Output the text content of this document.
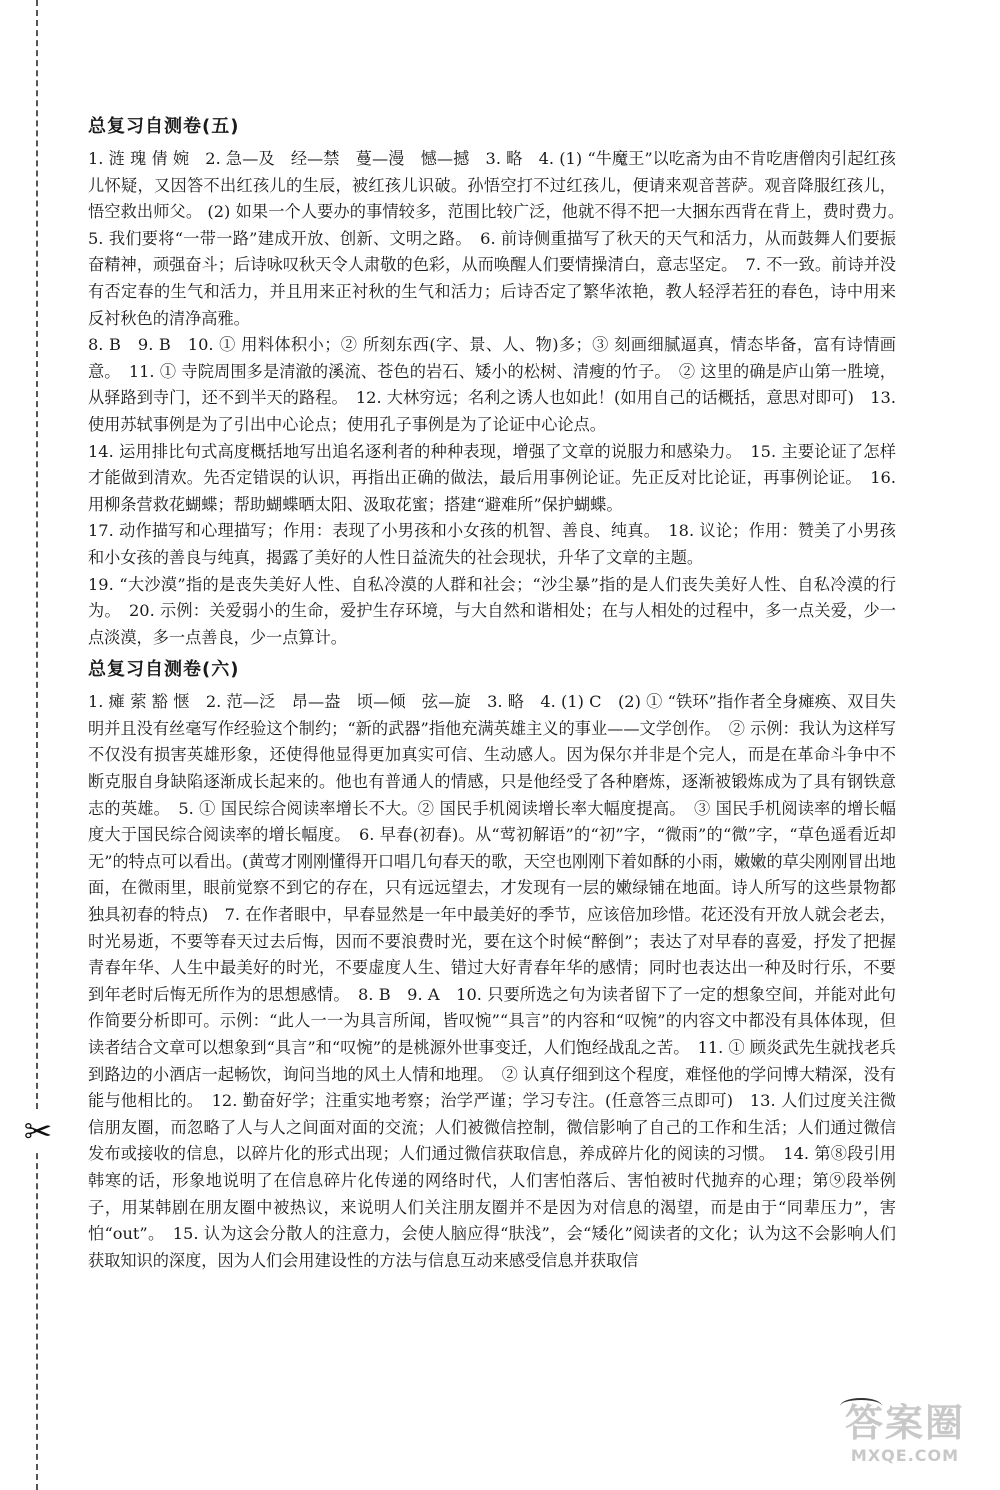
✂
总复习自测卷(五)

1. 涟 瑰 倩 婉　2. 急—及　经—禁　蔓—漫　憾—撼　3. 略　4. (1) “牛魔王”以吃斋为由不肯吃唐僧肉引起红孩儿怀疑，又因答不出红孩儿的生辰，被红孩儿识破。孙悟空打不过红孩儿，便请来观音菩萨。观音降服红孩儿，悟空救出师父。 (2) 如果一个人要办的事情较多，范围比较广泛，他就不得不把一大捆东西背在背上，费时费力。　5. 我们要将“一带一路”建成开放、创新、文明之路。　6. 前诗侧重描写了秋天的天气和活力，从而鼓舞人们要振奋精神，顽强奋斗；后诗咏叹秋天令人肃敬的色彩，从而唤醒人们要情操清白，意志坚定。　7. 不一致。前诗并没有否定春的生气和活力，并且用来正衬秋的生气和活力；后诗否定了繁华浓艳，教人轻浮若狂的春色，诗中用来反衬秋色的清净高雅。

8. B　9. B　10. ① 用料体积小；② 所刻东西(字、景、人、物)多；③ 刻画细腻逼真，情态毕备，富有诗情画意。　11. ① 寺院周围多是清澈的溪流、苍色的岩石、矮小的松树、清瘦的竹子。　② 这里的确是庐山第一胜境，从驿路到寺门，还不到半天的路程。　12. 大林穷远；名利之诱人也如此！(如用自己的话概括，意思对即可)　13. 使用苏轼事例是为了引出中心论点；使用孔子事例是为了论证中心论点。

14. 运用排比句式高度概括地写出追名逐利者的种种表现，增强了文章的说服力和感染力。　15. 主要论证了怎样才能做到清欢。先否定错误的认识，再指出正确的做法，最后用事例论证。先正反对比论证，再事例论证。　16. 用柳条营救花蝴蝶；帮助蝴蝶晒太阳、汲取花蜜；搭建“避难所”保护蝴蝶。

17. 动作描写和心理描写；作用：表现了小男孩和小女孩的机智、善良、纯真。　18. 议论；作用：赞美了小男孩和小女孩的善良与纯真，揭露了美好的人性日益流失的社会现状，升华了文章的主题。

19. “大沙漠”指的是丧失美好人性、自私冷漠的人群和社会；“沙尘暴”指的是人们丧失美好人性、自私冷漠的行为。　20. 示例：关爱弱小的生命，爱护生存环境，与大自然和谐相处；在与人相处的过程中，多一点关爱，少一点淡漠，多一点善良，少一点算计。

总复习自测卷(六)

1. 瘫 萦 豁 惬　2. 范—泛　昂—盎　顷—倾　弦—旋　3. 略　4. (1) C　(2) ① “铁环”指作者全身瘫痪、双目失明并且没有丝毫写作经验这个制约；“新的武器”指他充满英雄主义的事业——文学创作。　② 示例：我认为这样写不仅没有损害英雄形象，还使得他显得更加真实可信、生动感人。因为保尔并非是个完人，而是在革命斗争中不断克服自身缺陷逐渐成长起来的。他也有普通人的情感，只是他经受了各种磨炼，逐渐被锻炼成为了具有钢铁意志的英雄。　5. ① 国民综合阅读率增长不大。② 国民手机阅读增长率大幅度提高。　③ 国民手机阅读率的增长幅度大于国民综合阅读率的增长幅度。　6. 早春(初春)。从“莺初解语”的“初”字，“微雨”的“微”字，“草色遥看近却无”的特点可以看出。(黄莺才刚刚懂得开口唱几句春天的歌，天空也刚刚下着如酥的小雨，嫩嫩的草尖刚刚冒出地面，在微雨里，眼前觉察不到它的存在，只有远远望去，才发现有一层的嫩绿铺在地面。诗人所写的这些景物都独具初春的特点)　7. 在作者眼中，早春显然是一年中最美好的季节，应该倍加珍惜。花还没有开放人就会老去，时光易逝，不要等春天过去后悔，因而不要浪费时光，要在这个时候“醉倒”；表达了对早春的喜爱，抒发了把握青春年华、人生中最美好的时光，不要虚度人生、错过大好青春年华的感情；同时也表达出一种及时行乐，不要到年老时后悔无所作为的思想感情。　8. B　9. A　10. 只要所选之句为读者留下了一定的想象空间，并能对此句作简要分析即可。示例：“此人一一为具言所闻，皆叹惋”“具言”的内容和“叹惋”的内容文中都没有具体体现，但读者结合文章可以想象到“具言”和“叹惋”的是桃源外世事变迁，人们饱经战乱之苦。　11. ① 顾炎武先生就找老兵到路边的小酒店一起畅饮，询问当地的风土人情和地理。　② 认真仔细到这个程度，难怪他的学问博大精深，没有能与他相比的。　12. 勤奋好学；注重实地考察；治学严谨；学习专注。(任意答三点即可)　13. 人们过度关注微信朋友圈，而忽略了人与人之间面对面的交流；人们被微信控制，微信影响了自己的工作和生活；人们通过微信发布或接收的信息，以碎片化的形式出现；人们通过微信获取信息，养成碎片化的阅读的习惯。　14. 第⑧段引用韩寒的话，形象地说明了在信息碎片化传递的网络时代，人们害怕落后、害怕被时代抛弃的心理；第⑨段举例子，用某韩剧在朋友圈中被热议，来说明人们关注朋友圈并不是因为对信息的渴望，而是由于“同辈压力”，害怕“out”。　15. 认为这会分散人的注意力，会使人脑应得“肤浅”，会“矮化”阅读者的文化；认为这不会影响人们获取知识的深度，因为人们会用建设性的方法与信息互动来感受信息并获取信

答案圈
MXQE.COM
